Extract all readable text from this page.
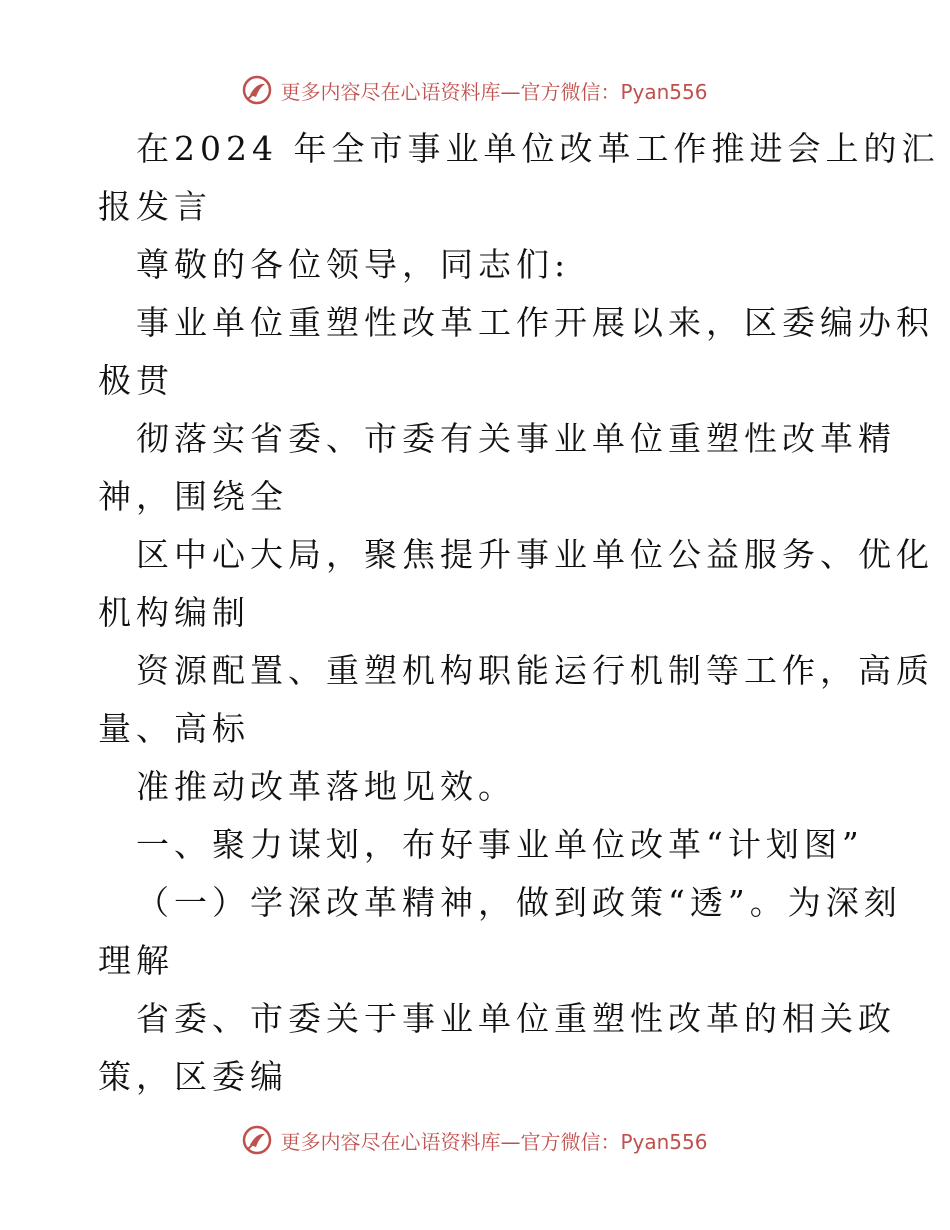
更多内容尽在心语资料库—官方微信：Pyan556

在2024 年全市事业单位改革工作推进会上的汇

报发言

尊敬的各位领导，同志们:

事业单位重塑性改革工作开展以来，区委编办积

极贯

彻落实省委、市委有关事业单位重塑性改革精

神，围绕全

区中心大局，聚焦提升事业单位公益服务、优化

机构编制

资源配置、重塑机构职能运行机制等工作，高质

量、高标

准推动改革落地见效。

一、聚力谋划，布好事业单位改革“计划图”

（一）学深改革精神，做到政策“透”。为深刻

理解

省委、市委关于事业单位重塑性改革的相关政

策，区委编

更多内容尽在心语资料库—官方微信：Pyan556
